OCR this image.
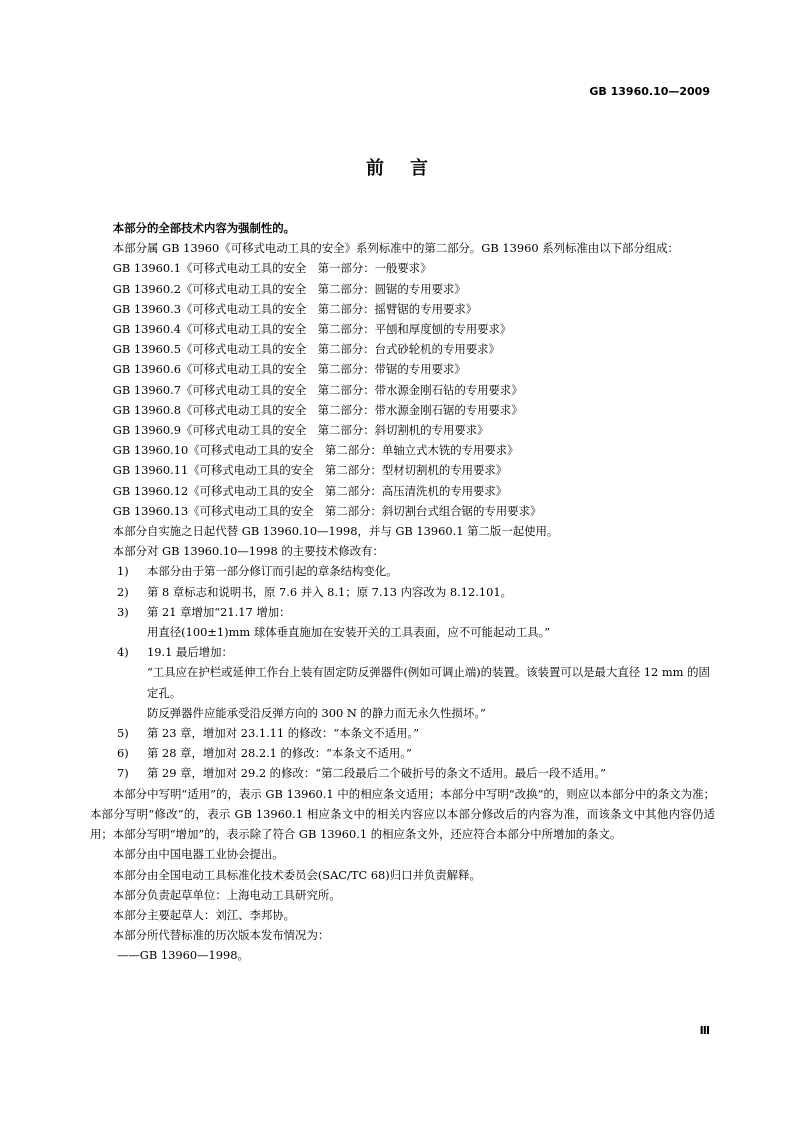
GB 13960.10—2009
前言

本部分的全部技术内容为强制性的。

本部分属 GB 13960《可移式电动工具的安全》系列标准中的第二部分。GB 13960 系列标准由以下部分组成：

GB 13960.1《可移式电动工具的安全　第一部分：一般要求》

GB 13960.2《可移式电动工具的安全　第二部分：圆锯的专用要求》

GB 13960.3《可移式电动工具的安全　第二部分：摇臂锯的专用要求》

GB 13960.4《可移式电动工具的安全　第二部分：平刨和厚度刨的专用要求》

GB 13960.5《可移式电动工具的安全　第二部分：台式砂轮机的专用要求》

GB 13960.6《可移式电动工具的安全　第二部分：带锯的专用要求》

GB 13960.7《可移式电动工具的安全　第二部分：带水源金刚石钻的专用要求》

GB 13960.8《可移式电动工具的安全　第二部分：带水源金刚石锯的专用要求》

GB 13960.9《可移式电动工具的安全　第二部分：斜切割机的专用要求》

GB 13960.10《可移式电动工具的安全　第二部分：单轴立式木铣的专用要求》

GB 13960.11《可移式电动工具的安全　第二部分：型材切割机的专用要求》

GB 13960.12《可移式电动工具的安全　第二部分：高压清洗机的专用要求》

GB 13960.13《可移式电动工具的安全　第二部分：斜切割台式组合锯的专用要求》

本部分自实施之日起代替 GB 13960.10—1998，并与 GB 13960.1 第二版一起使用。

本部分对 GB 13960.10—1998 的主要技术修改有：

1) 本部分由于第一部分修订而引起的章条结构变化。

2) 第 8 章标志和说明书，原 7.6 并入 8.1；原 7.13 内容改为 8.12.101。

3) 第 21 章增加“21.17 增加：

用直径(100±1)mm 球体垂直施加在安装开关的工具表面，应不可能起动工具。”

4) 19.1 最后增加：

“工具应在护栏或延伸工作台上装有固定防反弹器件(例如可调止端)的装置。该装置可以是最大直径 12 mm 的固定孔。

防反弹器件应能承受沿反弹方向的 300 N 的静力而无永久性损坏。”

5) 第 23 章，增加对 23.1.11 的修改：“本条文不适用。”

6) 第 28 章，增加对 28.2.1 的修改：“本条文不适用。”

7) 第 29 章，增加对 29.2 的修改：“第二段最后二个破折号的条文不适用。最后一段不适用。”

本部分中写明“适用”的，表示 GB 13960.1 中的相应条文适用；本部分中写明“改换”的，则应以本部分中的条文为准；本部分写明“修改”的，表示 GB 13960.1 相应条文中的相关内容应以本部分修改后的内容为准，而该条文中其他内容仍适用；本部分写明“增加”的，表示除了符合 GB 13960.1 的相应条文外，还应符合本部分中所增加的条文。

本部分由中国电器工业协会提出。

本部分由全国电动工具标准化技术委员会(SAC/TC 68)归口并负责解释。

本部分负责起草单位：上海电动工具研究所。

本部分主要起草人：刘江、李邦协。

本部分所代替标准的历次版本发布情况为：

——GB 13960—1998。

Ⅲ
